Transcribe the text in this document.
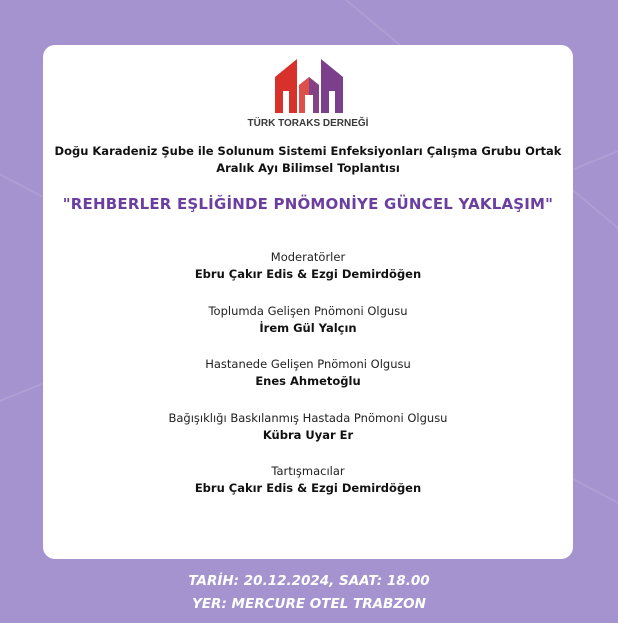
TÜRK TORAKS DERNEĞİ
Doğu Karadeniz Şube ile Solunum Sistemi Enfeksiyonları Çalışma Grubu Ortak
Aralık Ayı Bilimsel Toplantısı
"REHBERLER EŞLİĞİNDE PNÖMONİYE GÜNCEL YAKLAŞIM"
Moderatörler
Ebru Çakır Edis & Ezgi Demirdöğen
Toplumda Gelişen Pnömoni Olgusu
İrem Gül Yalçın
Hastanede Gelişen Pnömoni Olgusu
Enes Ahmetoğlu
Bağışıklığı Baskılanmış Hastada Pnömoni Olgusu
Kübra Uyar Er
Tartışmacılar
Ebru Çakır Edis & Ezgi Demirdöğen
TARİH: 20.12.2024, SAAT: 18.00
YER: MERCURE OTEL TRABZON
